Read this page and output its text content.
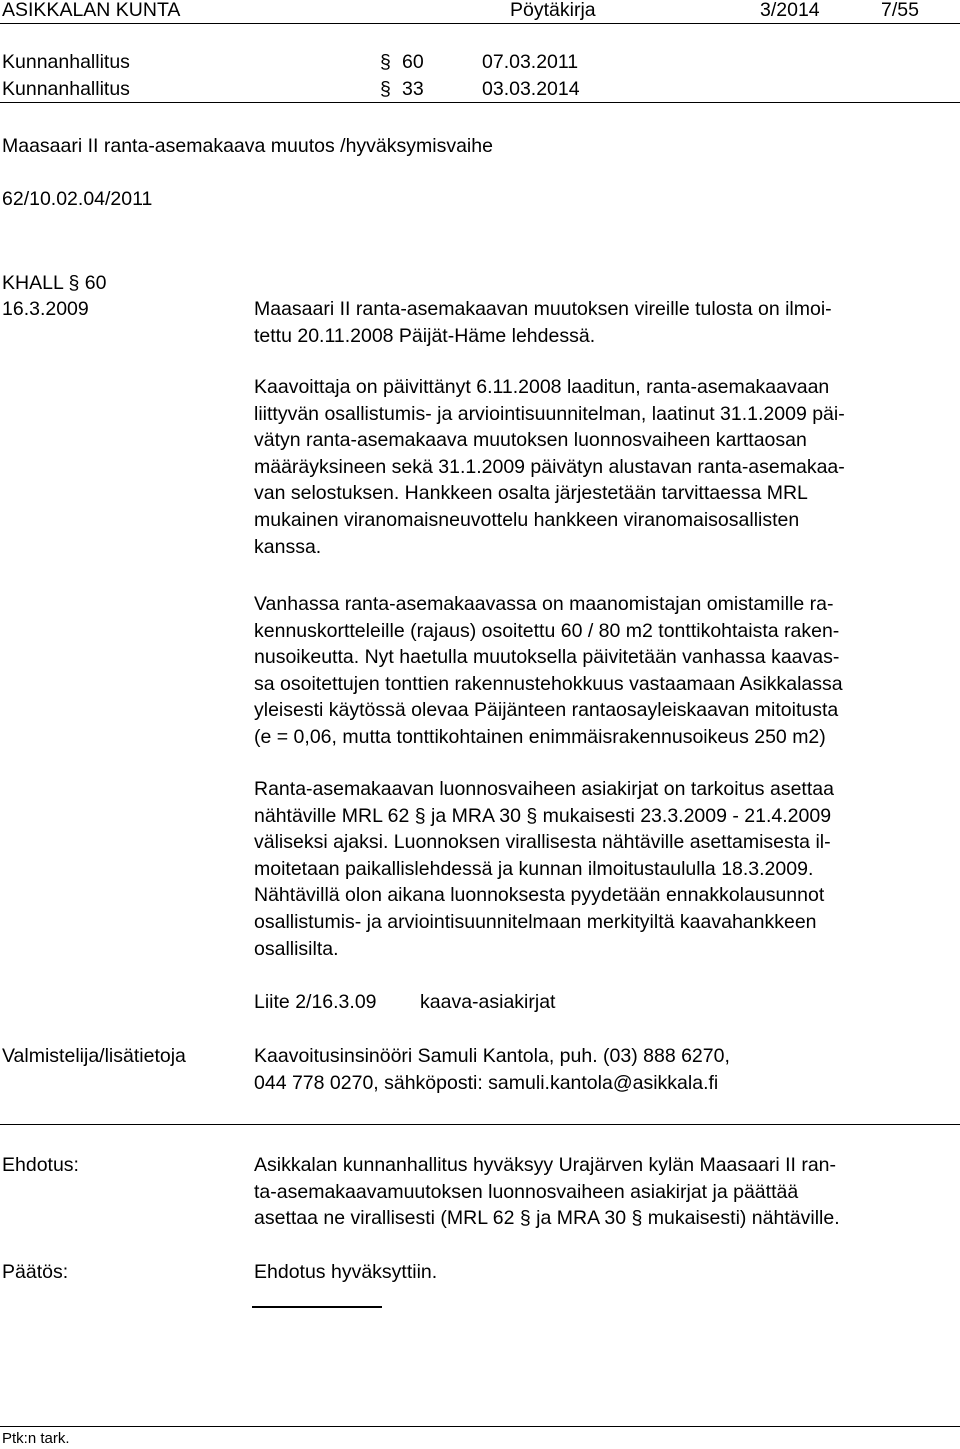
ASIKKALAN KUNTA	Pöytäkirja	3/2014	7/55
Kunnanhallitus	§ 60	07.03.2011
Kunnanhallitus	§ 33	03.03.2014
Maasaari II ranta-asemakaava muutos /hyväksymisvaihe
62/10.02.04/2011
KHALL § 60
16.3.2009	Maasaari II ranta-asemakaavan muutoksen vireille tulosta on ilmoi-
tettu 20.11.2008 Päijät-Häme lehdessä.
Kaavoittaja on päivittänyt 6.11.2008 laaditun, ranta-asemakaavaan
liittyvän osallistumis- ja arviointisuunnitelman, laatinut 31.1.2009 päi-
vätyn ranta-asemakaava muutoksen luonnosvaiheen karttaosan
määräyksineen sekä 31.1.2009 päivätyn alustavan ranta-asemakaa-
van selostuksen. Hankkeen osalta järjestetään tarvittaessa MRL
mukainen viranomaisneuvottelu hankkeen viranomaisosallisten
kanssa.
Vanhassa ranta-asemakaavassa on maanomistajan omistamille ra-
kennuskortteleille (rajaus) osoitettu 60 / 80 m2 tonttikohtaista raken-
nusoikeutta. Nyt haetulla muutoksella päivitetään vanhassa kaavas-
sa osoitettujen tonttien rakennustehokkuus vastaamaan Asikkalassa
yleisesti käytössä olevaa Päijänteen rantaosayleiskaavan mitoitusta
(e = 0,06, mutta tonttikohtainen enimmäisrakennusoikeus 250 m2)
Ranta-asemakaavan luonnosvaiheen asiakirjat on tarkoitus asettaa
nähtäville MRL 62 § ja MRA 30 § mukaisesti 23.3.2009 - 21.4.2009
väliseksi ajaksi. Luonnoksen virallisesta nähtäville asettamisesta il-
moitetaan paikallislehdessä ja kunnan ilmoitustaululla 18.3.2009.
Nähtävillä olon aikana luonnoksesta pyydetään ennakkolausunnot
osallistumis- ja arviointisuunnitelmaan merkityiltä kaavahankkeen
osallisilta.
Liite 2/16.3.09 kaava-asiakirjat
Valmistelija/lisätietoja	Kaavoitusinsinööri Samuli Kantola, puh. (03) 888 6270,
044 778 0270, sähköposti: samuli.kantola@asikkala.fi
Ehdotus:	Asikkalan kunnanhallitus hyväksyy Urajärven kylän Maasaari II ran-
ta-asemakaavamuutoksen luonnosvaiheen asiakirjat ja päättää
asettaa ne virallisesti (MRL 62 § ja MRA 30 § mukaisesti) nähtäville.
Päätös:	Ehdotus hyväksyttiin.
Ptk:n tark.
